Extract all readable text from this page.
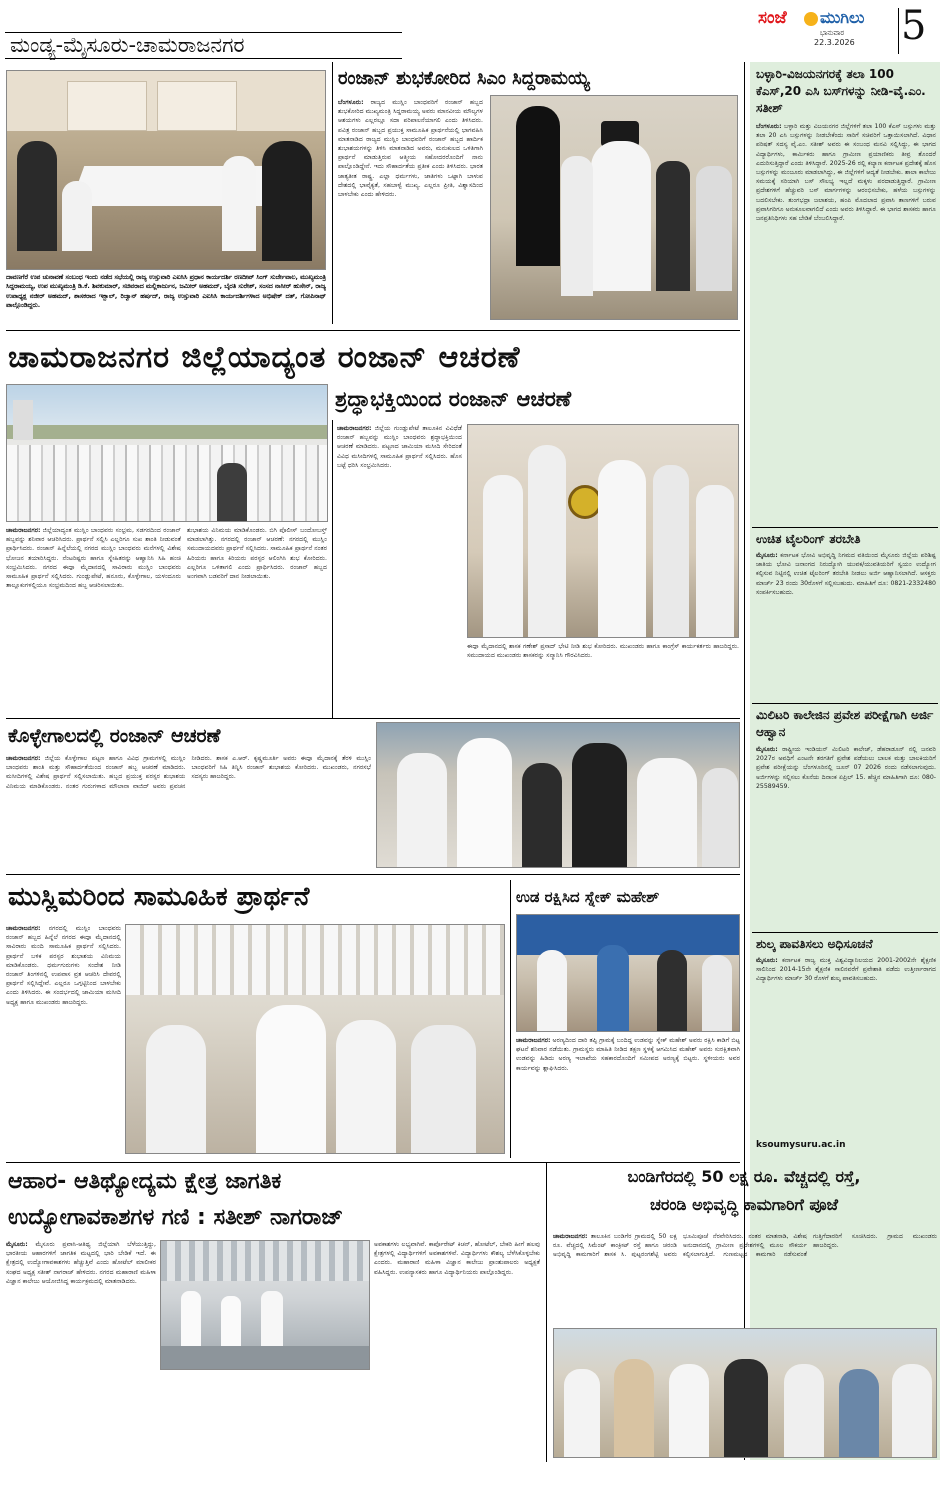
ಮಂಡ್ಯ-ಮೈಸೂರು-ಚಾಮರಾಜನಗರ
ಸಂಜೆ ಮುಗಿಲು
ಭಾನುವಾರ
22.3.2026 5
ದಾವಣಗೆರೆ ಉಪ ಚುನಾವಣೆ ಸಂಬಂಧ ಇಂದು ನಡೆದ ಸಭೆಯಲ್ಲಿ ರಾಜ್ಯ ಉಸ್ತುವಾರಿ ಎಐಸಿಸಿ ಪ್ರಧಾನ ಕಾರ್ಯದರ್ಶಿ ರಣದೀಪ್ ಸಿಂಗ್ ಸುರ್ಜೇವಾಲ, ಮುಖ್ಯಮಂತ್ರಿ ಸಿದ್ದರಾಮಯ್ಯ, ಉಪ ಮುಖ್ಯಮಂತ್ರಿ ಡಿ.ಕೆ. ಶಿವಕುಮಾರ್, ಸಚಿವರಾದ ಮಲ್ಲಿಕಾರ್ಜುನ, ಜಮೀರ್ ಅಹಮದ್, ಬೈರತಿ ಸುರೇಶ್, ಸಂಸದ ನಾಸೀರ್ ಹುಸೇನ್, ರಾಜ್ಯ ಉಪಾಧ್ಯಕ್ಷ ನಜೀರ್ ಅಹಮದ್, ಶಾಸಕರಾದ ಇಕ್ಬಾಲ್, ರಿಜ್ವಾನ್ ಹರ್ಷದ್, ರಾಜ್ಯ ಉಸ್ತುವಾರಿ ಎಐಸಿಸಿ ಕಾರ್ಯದರ್ಶಿಗಳಾದ ಅಭಿಷೇಕ್ ದತ್, ಗೋಪಿನಾಥ್ ಪಾಲ್ಗೊಂಡಿದ್ದರು.
ರಂಜಾನ್ ಶುಭಕೋರಿದ ಸಿಎಂ ಸಿದ್ದರಾಮಯ್ಯ
ಬೆಂಗಳೂರು: ರಾಜ್ಯದ ಮುಸ್ಲಿಂ ಬಾಂಧವರಿಗೆ ರಂಜಾನ್ ಹಬ್ಬದ ಶುಭಕೋರಿದ ಮುಖ್ಯಮಂತ್ರಿ ಸಿದ್ದರಾಮಯ್ಯ ಅವರು ಮಾನವೀಯ ಮೌಲ್ಯಗಳ ಆಶಯಗಳು ಎಲ್ಲರಲ್ಲೂ ಸದಾ ಪರಿಪಾಲನೆಯಾಗಲಿ ಎಂದು ತಿಳಿಸಿದರು. ಪವಿತ್ರ ರಂಜಾನ್ ಹಬ್ಬದ ಪ್ರಯುಕ್ತ ಸಾಮೂಹಿಕ ಪ್ರಾರ್ಥನೆಯಲ್ಲಿ ಭಾಗವಹಿಸಿ ಮಾತನಾಡಿದ ರಾಜ್ಯದ ಮುಸ್ಲಿಂ ಬಾಂಧವರಿಗೆ ರಂಜಾನ್ ಹಬ್ಬದ ಹಾರ್ದಿಕ ಶುಭಾಶಯಗಳನ್ನು ತಿಳಿಸಿ ಮಾತನಾಡಿದ ಅವರು, ಮನುಕುಲದ ಒಳಿತಿಗಾಗಿ ಪ್ರಾರ್ಥನೆ ಮಾಡುತ್ತಿರುವ ಆತ್ಮೀಯ ಸಹೋದರರೊಂದಿಗೆ ನಾನು ಪಾಲ್ಗೊಂಡಿದ್ದೇನೆ. ಇದು ಸೌಹಾರ್ದತೆಯ ಪ್ರತೀಕ ಎಂದು ತಿಳಿಸಿದರು. ಭಾರತ ಜಾತ್ಯತೀತ ರಾಷ್ಟ್ರ. ಎಲ್ಲಾ ಧರ್ಮಗಳು, ಜಾತಿಗಳು ಒಟ್ಟಾಗಿ ಬಾಳುವ ದೇಶದಲ್ಲಿ ಭಾವೈಕ್ಯತೆ, ಸಹಬಾಳ್ವೆ ಮುಖ್ಯ. ಎಲ್ಲರೂ ಪ್ರೀತಿ, ವಿಶ್ವಾಸದಿಂದ ಬಾಳಬೇಕು ಎಂದು ಹೇಳಿದರು.
ಬಳ್ಳಾರಿ-ವಿಜಯನಗರಕ್ಕೆ ತಲಾ 100 ಕೆಎಸ್,20 ಎಸಿ ಬಸ್‍ಗಳನ್ನು ನೀಡಿ-ವೈ.ಎಂ. ಸತೀಶ್
ಬೆಂಗಳೂರು: ಬಳ್ಳಾರಿ ಮತ್ತು ವಿಜಯನಗರ ಜಿಲ್ಲೆಗಳಿಗೆ ತಲಾ 100 ಕೆಎಸ್ ಬಸ್ಸುಗಳು ಮತ್ತು ತಲಾ 20 ಎಸಿ ಬಸ್ಸುಗಳನ್ನು ನೀಡಬೇಕೆಂದು ಸಾರಿಗೆ ಸಚಿವರಿಗೆ ಒತ್ತಾಯಿಸಲಾಗಿದೆ. ವಿಧಾನ ಪರಿಷತ್ ಸದಸ್ಯ ವೈ.ಎಂ. ಸತೀಶ್ ಅವರು ಈ ಸಂಬಂಧ ಮನವಿ ಸಲ್ಲಿಸಿದ್ದು, ಈ ಭಾಗದ ವಿದ್ಯಾರ್ಥಿಗಳು, ಕಾರ್ಮಿಕರು ಹಾಗೂ ಗ್ರಾಮೀಣ ಪ್ರಯಾಣಿಕರು ತೀವ್ರ ತೊಂದರೆ ಎದುರಿಸುತ್ತಿದ್ದಾರೆ ಎಂದು ತಿಳಿಸಿದ್ದಾರೆ. 2025-26 ರಲ್ಲಿ ಕಲ್ಯಾಣ ಕರ್ನಾಟಕ ಪ್ರದೇಶಕ್ಕೆ ಹೊಸ ಬಸ್ಸುಗಳನ್ನು ಮಂಜೂರು ಮಾಡಲಾಗಿದ್ದು, ಈ ಜಿಲ್ಲೆಗಳಿಗೆ ಆದ್ಯತೆ ನೀಡಬೇಕು. ಶಾಲಾ ಕಾಲೇಜು ಸಮಯಕ್ಕೆ ಸರಿಯಾಗಿ ಬಸ್ ಸೌಲಭ್ಯ ಇಲ್ಲದೆ ಮಕ್ಕಳು ಪರದಾಡುತ್ತಿದ್ದಾರೆ. ಗ್ರಾಮೀಣ ಪ್ರದೇಶಗಳಿಗೆ ಹೆಚ್ಚುವರಿ ಬಸ್ ಮಾರ್ಗಗಳನ್ನು ಆರಂಭಿಸಬೇಕು, ಹಳೆಯ ಬಸ್ಸುಗಳನ್ನು ಬದಲಿಸಬೇಕು. ತುಂಗಭದ್ರಾ ಜಲಾಶಯ, ಹಂಪಿ ಮೊದಲಾದ ಪ್ರವಾಸಿ ತಾಣಗಳಿಗೆ ಬರುವ ಪ್ರವಾಸಿಗರಿಗೂ ಅನುಕೂಲವಾಗಲಿದೆ ಎಂದು ಅವರು ತಿಳಿಸಿದ್ದಾರೆ. ಈ ಭಾಗದ ಶಾಸಕರು ಹಾಗೂ ಜನಪ್ರತಿನಿಧಿಗಳು ಸಹ ಬೇಡಿಕೆ ಬೆಂಬಲಿಸಿದ್ದಾರೆ.
ಉಚಿತ ಟೈಲರಿಂಗ್ ತರಬೇತಿ
ಮೈಸೂರು: ಕರ್ನಾಟಕ ಭೋವಿ ಅಭಿವೃದ್ಧಿ ನಿಗಮದ ವತಿಯಿಂದ ಮೈಸೂರು ಜಿಲ್ಲೆಯ ಪರಿಶಿಷ್ಟ ಜಾತಿಯ ಭೋವಿ ಜನಾಂಗದ ನಿರುದ್ಯೋಗಿ ಯುವಕ/ಯುವತಿಯರಿಗೆ ಸ್ವಯಂ ಉದ್ಯೋಗ ಕಲ್ಪಿಸುವ ನಿಟ್ಟಿನಲ್ಲಿ ಉಚಿತ ಟೈಲರಿಂಗ್ ತರಬೇತಿ ನೀಡಲು ಅರ್ಜಿ ಆಹ್ವಾನಿಸಲಾಗಿದೆ. ಆಸಕ್ತರು ಮಾರ್ಚ್ 23 ರಂದು 30ರೊಳಗೆ ಸಲ್ಲಿಸಬಹುದು. ಮಾಹಿತಿಗೆ ದೂ: 0821-2332480 ಸಂಪರ್ಕಿಸಬಹುದು.
ಮಿಲಿಟರಿ ಕಾಲೇಜಿನ ಪ್ರವೇಶ ಪರೀಕ್ಷೆಗಾಗಿ ಅರ್ಜಿ ಆಹ್ವಾನ
ಮೈಸೂರು: ರಾಷ್ಟ್ರೀಯ ಇಂಡಿಯನ್ ಮಿಲಿಟರಿ ಕಾಲೇಜ್, ಡೆಹರಾಡೂನ್ ನಲ್ಲಿ ಜನವರಿ 2027ರ ಅವಧಿಗೆ ಎಂಟನೇ ತರಗತಿಗೆ ಪ್ರವೇಶ ಪಡೆಯಲು ಬಾಲಕ ಮತ್ತು ಬಾಲಕಿಯರಿಗೆ ಪ್ರವೇಶ ಪರೀಕ್ಷೆಯನ್ನು ಬೆಂಗಳೂರಿನಲ್ಲಿ ಜೂನ್ 07 2026 ರಂದು ನಡೆಸಲಾಗುವುದು. ಅರ್ಜಿಗಳನ್ನು ಸಲ್ಲಿಸಲು ಕೊನೆಯ ದಿನಾಂಕ ಏಪ್ರಿಲ್ 15. ಹೆಚ್ಚಿನ ಮಾಹಿತಿಗಾಗಿ ದೂ: 080-25589459.
ಶುಲ್ಕ ಪಾವತಿಸಲು ಅಧಿಸೂಚನೆ
ಮೈಸೂರು: ಕರ್ನಾಟಕ ರಾಜ್ಯ ಮುಕ್ತ ವಿಶ್ವವಿದ್ಯಾನಿಲಯದ 2001-2002ನೇ ಶೈಕ್ಷಣಿಕ ಸಾಲಿನಿಂದ 2014-15ನೇ ಶೈಕ್ಷಣಿಕ ಸಾಲಿನವರೆಗೆ ಪ್ರವೇಶಾತಿ ಪಡೆದು ಉತ್ತೀರ್ಣರಾಗದ ವಿದ್ಯಾರ್ಥಿಗಳು ಮಾರ್ಚ್ 30 ರೊಳಗೆ ಶುಲ್ಕ ಪಾವತಿಸಬಹುದು.
ksoumysuru.ac.in
ಚಾಮರಾಜನಗರ ಜಿಲ್ಲೆಯಾದ್ಯಂತ ರಂಜಾನ್ ಆಚರಣೆ
ಶ್ರದ್ಧಾಭಕ್ತಿಯಿಂದ ರಂಜಾನ್ ಆಚರಣೆ
ಚಾಮರಾಜನಗರ: ಜಿಲ್ಲೆಯಾದ್ಯಂತ ಮುಸ್ಲಿಂ ಬಾಂಧವರು ಸಂಭ್ರಮ, ಸಡಗರದಿಂದ ರಂಜಾನ್ ಹಬ್ಬವನ್ನು ಶನಿವಾರ ಆಚರಿಸಿದರು. ಪ್ರಾರ್ಥನೆ ಸಲ್ಲಿಸಿ ಎಲ್ಲರಿಗೂ ಸುಖ ಶಾಂತಿ ನೀಡುವಂತೆ ಪ್ರಾರ್ಥಿಸಿದರು. ರಂಜಾನ್ ಹಿನ್ನೆಲೆಯಲ್ಲಿ ನಗರದ ಮುಸ್ಲಿಂ ಬಾಂಧವರು ಮನೆಗಳಲ್ಲಿ ವಿಶೇಷ ಭೋಜನ ತಯಾರಿಸಿದ್ದರು. ನೆಂಟರಿಷ್ಟರು ಹಾಗೂ ಸ್ನೇಹಿತರನ್ನು ಆಹ್ವಾನಿಸಿ ಸಿಹಿ ಹಂಚಿ ಸಂಭ್ರಮಿಸಿದರು. ನಗರದ ಈದ್ಗಾ ಮೈದಾನದಲ್ಲಿ ಸಾವಿರಾರು ಮುಸ್ಲಿಂ ಬಾಂಧವರು ಸಾಮೂಹಿಕ ಪ್ರಾರ್ಥನೆ ಸಲ್ಲಿಸಿದರು. ಗುಂಡ್ಲುಪೇಟೆ, ಹನೂರು, ಕೊಳ್ಳೇಗಾಲ, ಯಳಂದೂರು ತಾಲ್ಲೂಕುಗಳಲ್ಲಿಯೂ ಸಂಭ್ರಮದಿಂದ ಹಬ್ಬ ಆಚರಿಸಲಾಯಿತು.
ಶುಭಾಶಯ ವಿನಿಮಯ ಮಾಡಿಕೊಂಡರು. ಬಿಗಿ ಪೊಲೀಸ್ ಬಂದೋಬಸ್ತ್ ಮಾಡಲಾಗಿತ್ತು. ನಗರದಲ್ಲಿ ರಂಜಾನ್ ಆಚರಣೆ: ನಗರದಲ್ಲಿ ಮುಸ್ಲಿಂ ಸಮುದಾಯದವರು ಪ್ರಾರ್ಥನೆ ಸಲ್ಲಿಸಿದರು. ಸಾಮೂಹಿಕ ಪ್ರಾರ್ಥನೆ ನಂತರ ಹಿರಿಯರು ಹಾಗೂ ಕಿರಿಯರು ಪರಸ್ಪರ ಆಲಿಂಗಿಸಿ ಶುಭ ಕೋರಿದರು. ಎಲ್ಲರಿಗೂ ಒಳಿತಾಗಲಿ ಎಂದು ಪ್ರಾರ್ಥಿಸಿದರು. ರಂಜಾನ್ ಹಬ್ಬದ ಅಂಗವಾಗಿ ಬಡವರಿಗೆ ದಾನ ನೀಡಲಾಯಿತು.
ಚಾಮರಾಜನಗರ: ಜಿಲ್ಲೆಯ ಗುಂಡ್ಲುಪೇಟೆ ತಾಲೂಕಿನ ವಿವಿಧೆಡೆ ರಂಜಾನ್ ಹಬ್ಬವನ್ನು ಮುಸ್ಲಿಂ ಬಾಂಧವರು ಶ್ರದ್ಧಾಭಕ್ತಿಯಿಂದ ಆಚರಣೆ ಮಾಡಿದರು. ಪಟ್ಟಣದ ಜಾಮಿಯಾ ಮಸೀದಿ ಸೇರಿದಂತೆ ವಿವಿಧ ಮಸೀದಿಗಳಲ್ಲಿ ಸಾಮೂಹಿಕ ಪ್ರಾರ್ಥನೆ ಸಲ್ಲಿಸಿದರು. ಹೊಸ ಬಟ್ಟೆ ಧರಿಸಿ ಸಂಭ್ರಮಿಸಿದರು.
ಈದ್ಗಾ ಮೈದಾನದಲ್ಲಿ ಶಾಸಕ ಗಣೇಶ್ ಪ್ರಸಾದ್ ಭೇಟಿ ನೀಡಿ ಶುಭ ಕೋರಿದರು. ಮುಖಂಡರು ಹಾಗೂ ಕಾಂಗ್ರೆಸ್ ಕಾರ್ಯಕರ್ತರು ಹಾಜರಿದ್ದರು. ಸಮುದಾಯದ ಮುಖಂಡರು ಶಾಸಕರನ್ನು ಸನ್ಮಾನಿಸಿ ಗೌರವಿಸಿದರು.
ಕೊಳ್ಳೇಗಾಲದಲ್ಲಿ ರಂಜಾನ್ ಆಚರಣೆ
ಚಾಮರಾಜನಗರ: ಜಿಲ್ಲೆಯ ಕೊಳ್ಳೇಗಾಲ ಪಟ್ಟಣ ಹಾಗೂ ವಿವಿಧ ಗ್ರಾಮಗಳಲ್ಲಿ ಮುಸ್ಲಿಂ ಬಾಂಧವರು ಶಾಂತಿ ಮತ್ತು ಸೌಹಾರ್ದತೆಯಿಂದ ರಂಜಾನ್ ಹಬ್ಬ ಆಚರಣೆ ಮಾಡಿದರು. ಮಸೀದಿಗಳಲ್ಲಿ ವಿಶೇಷ ಪ್ರಾರ್ಥನೆ ಸಲ್ಲಿಸಲಾಯಿತು. ಹಬ್ಬದ ಪ್ರಯುಕ್ತ ಪರಸ್ಪರ ಶುಭಾಶಯ ವಿನಿಮಯ ಮಾಡಿಕೊಂಡರು. ನಂತರ ಗುರುಗಳಾದ ಮೌಲಾನಾ ವಾಜಿದ್ ಅವರು ಪ್ರವಚನ ನೀಡಿದರು. ಶಾಸಕ ಎ.ಆರ್. ಕೃಷ್ಣಮೂರ್ತಿ ಅವರು ಈದ್ಗಾ ಮೈದಾನಕ್ಕೆ ತೆರಳಿ ಮುಸ್ಲಿಂ ಬಾಂಧವರಿಗೆ ಸಿಹಿ ತಿನ್ನಿಸಿ ರಂಜಾನ್ ಶುಭಾಶಯ ಕೋರಿದರು. ಮುಖಂಡರು, ನಗರಸಭೆ ಸದಸ್ಯರು ಹಾಜರಿದ್ದರು.
ಮುಸ್ಲಿಮರಿಂದ ಸಾಮೂಹಿಕ ಪ್ರಾರ್ಥನೆ
ಚಾಮರಾಜನಗರ: ನಗರದಲ್ಲಿ ಮುಸ್ಲಿಂ ಬಾಂಧವರು ರಂಜಾನ್ ಹಬ್ಬದ ಹಿನ್ನೆಲೆ ನಗರದ ಈದ್ಗಾ ಮೈದಾನದಲ್ಲಿ ಸಾವಿರಾರು ಮಂದಿ ಸಾಮೂಹಿಕ ಪ್ರಾರ್ಥನೆ ಸಲ್ಲಿಸಿದರು. ಪ್ರಾರ್ಥನೆ ಬಳಿಕ ಪರಸ್ಪರ ಶುಭಾಶಯ ವಿನಿಮಯ ಮಾಡಿಕೊಂಡರು. ಧರ್ಮಗುರುಗಳು ಸಂದೇಶ ನೀಡಿ ರಂಜಾನ್ ತಿಂಗಳಿನಲ್ಲಿ ಉಪವಾಸ ವ್ರತ ಆಚರಿಸಿ ದೇವರಲ್ಲಿ ಪ್ರಾರ್ಥನೆ ಸಲ್ಲಿಸಿದ್ದೇವೆ. ಎಲ್ಲರೂ ಒಗ್ಗಟ್ಟಿನಿಂದ ಬಾಳಬೇಕು ಎಂದು ತಿಳಿಸಿದರು. ಈ ಸಂದರ್ಭದಲ್ಲಿ ಜಾಮಿಯಾ ಮಸೀದಿ ಅಧ್ಯಕ್ಷ ಹಾಗೂ ಮುಖಂಡರು ಹಾಜರಿದ್ದರು.
ಉಡ ರಕ್ಷಿಸಿದ ಸ್ನೇಕ್ ಮಹೇಶ್
ಚಾಮರಾಜನಗರ: ಅರಣ್ಯದಿಂದ ದಾರಿ ತಪ್ಪಿ ಗ್ರಾಮಕ್ಕೆ ಬಂದಿದ್ದ ಉಡವನ್ನು ಸ್ನೇಕ್ ಮಹೇಶ್ ಅವರು ರಕ್ಷಿಸಿ ಕಾಡಿಗೆ ಬಿಟ್ಟ ಘಟನೆ ಶನಿವಾರ ನಡೆಯಿತು. ಗ್ರಾಮಸ್ಥರು ಮಾಹಿತಿ ನೀಡಿದ ತಕ್ಷಣ ಸ್ಥಳಕ್ಕೆ ಆಗಮಿಸಿದ ಮಹೇಶ್ ಅವರು ಸುರಕ್ಷಿತವಾಗಿ ಉಡವನ್ನು ಹಿಡಿದು ಅರಣ್ಯ ಇಲಾಖೆಯ ಸಹಕಾರದೊಂದಿಗೆ ಸಮೀಪದ ಅರಣ್ಯಕ್ಕೆ ಬಿಟ್ಟರು. ಸ್ಥಳೀಯರು ಅವರ ಕಾರ್ಯವನ್ನು ಶ್ಲಾಘಿಸಿದರು.
ಆಹಾರ- ಆತಿಥ್ಯೋದ್ಯಮ ಕ್ಷೇತ್ರ ಜಾಗತಿಕ
ಉದ್ಯೋಗಾವಕಾಶಗಳ ಗಣಿ : ಸತೀಶ್ ನಾಗರಾಜ್
ಮೈಸೂರು: ಮೈಸೂರು ಪ್ರವಾಸಿ-ಆತಿಥ್ಯ ಜಿಲ್ಲೆಯಾಗಿ ಬೆಳೆಯುತ್ತಿದ್ದು, ಭಾರತೀಯ ಆಹಾರಗಳಿಗೆ ಜಾಗತಿಕ ಮಟ್ಟದಲ್ಲಿ ಭಾರಿ ಬೇಡಿಕೆ ಇದೆ. ಈ ಕ್ಷೇತ್ರದಲ್ಲಿ ಉದ್ಯೋಗಾವಕಾಶಗಳು ಹೆಚ್ಚುತ್ತಿವೆ ಎಂದು ಹೋಟೆಲ್ ಮಾಲೀಕರ ಸಂಘದ ಅಧ್ಯಕ್ಷ ಸತೀಶ್ ನಾಗರಾಜ್ ಹೇಳಿದರು. ನಗರದ ಮಹಾರಾಣಿ ಮಹಿಳಾ ವಿಜ್ಞಾನ ಕಾಲೇಜು ಆಯೋಜಿಸಿದ್ದ ಕಾರ್ಯಕ್ರಮದಲ್ಲಿ ಮಾತನಾಡಿದರು.
ಅವಕಾಶಗಳು ಲಭ್ಯವಾಗಿವೆ. ಕಾರ್ಪೊರೇಟ್ ಕಿಚನ್, ಹೋಟೆಲ್, ಬೇಕರಿ ಹೀಗೆ ಹಲವು ಕ್ಷೇತ್ರಗಳಲ್ಲಿ ವಿದ್ಯಾರ್ಥಿಗಳಿಗೆ ಅವಕಾಶಗಳಿವೆ. ವಿದ್ಯಾರ್ಥಿಗಳು ಕೌಶಲ್ಯ ಬೆಳೆಸಿಕೊಳ್ಳಬೇಕು ಎಂದರು. ಮಹಾರಾಣಿ ಮಹಿಳಾ ವಿಜ್ಞಾನ ಕಾಲೇಜು ಪ್ರಾಂಶುಪಾಲರು ಅಧ್ಯಕ್ಷತೆ ವಹಿಸಿದ್ದರು. ಉಪನ್ಯಾಸಕರು ಹಾಗೂ ವಿದ್ಯಾರ್ಥಿನಿಯರು ಪಾಲ್ಗೊಂಡಿದ್ದರು.
ಬಂಡಿಗೆರದಲ್ಲಿ 50 ಲಕ್ಷ ರೂ. ವೆಚ್ಚದಲ್ಲಿ ರಸ್ತೆ,
ಚರಂಡಿ ಅಭಿವೃದ್ಧಿ ಕಾಮಗಾರಿಗೆ ಪೂಜೆ
ಚಾಮರಾಜನಗರ: ತಾಲೂಕಿನ ಬಂಡಿಗೆರ ಗ್ರಾಮದಲ್ಲಿ 50 ಲಕ್ಷ ರೂ. ವೆಚ್ಚದಲ್ಲಿ ಸಿಮೆಂಟ್ ಕಾಂಕ್ರೀಟ್ ರಸ್ತೆ ಹಾಗೂ ಚರಂಡಿ ಅಭಿವೃದ್ಧಿ ಕಾಮಗಾರಿಗೆ ಶಾಸಕ ಸಿ. ಪುಟ್ಟರಂಗಶೆಟ್ಟಿ ಅವರು ಭೂಮಿಪೂಜೆ ನೆರವೇರಿಸಿದರು. ನಂತರ ಮಾತನಾಡಿ, ವಿಶೇಷ ಅನುದಾನದಲ್ಲಿ ಗ್ರಾಮೀಣ ಪ್ರದೇಶಗಳಲ್ಲಿ ಮೂಲ ಸೌಕರ್ಯ ಕಲ್ಪಿಸಲಾಗುತ್ತಿದೆ. ಗುಣಮಟ್ಟದ ಕಾಮಗಾರಿ ನಡೆಸುವಂತೆ ಗುತ್ತಿಗೆದಾರರಿಗೆ ಸೂಚಿಸಿದರು. ಗ್ರಾಮದ ಮುಖಂಡರು ಹಾಜರಿದ್ದರು.
